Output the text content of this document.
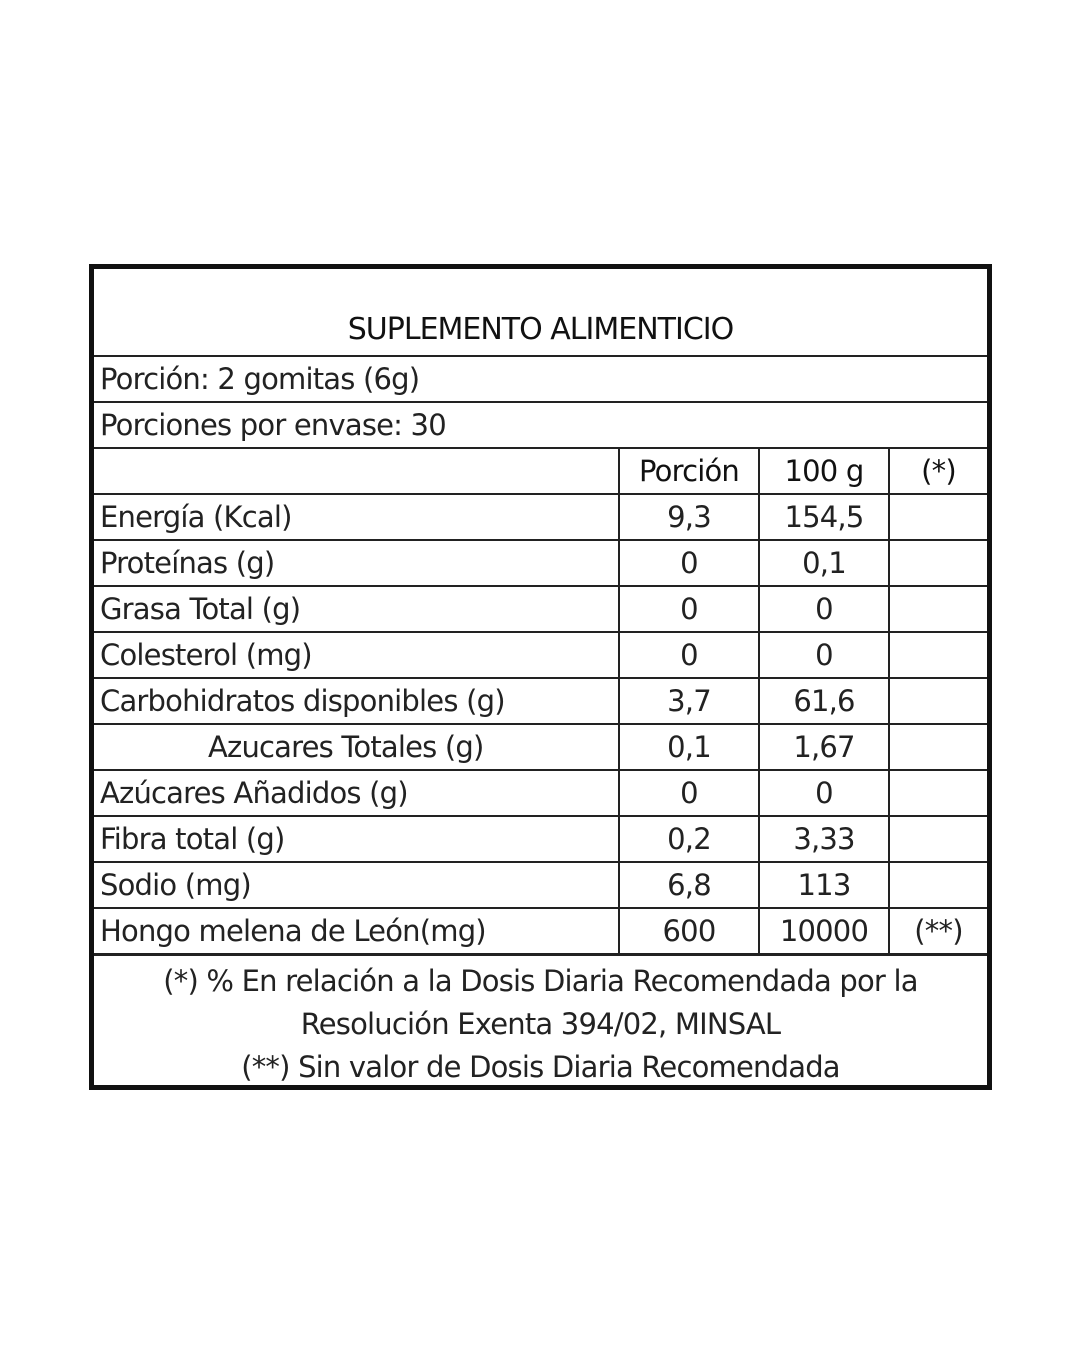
SUPLEMENTO ALIMENTICIO
Porción: 2 gomitas (6g)
Porciones por envase: 30
	Porción	100 g	(*)
Energía (Kcal)	9,3	154,5	
Proteínas (g)	0	0,1	
Grasa Total (g)	0	0	
Colesterol (mg)	0	0	
Carbohidratos disponibles (g)	3,7	61,6	
Azucares Totales (g)	0,1	1,67	
Azúcares Añadidos (g)	0	0	
Fibra total (g)	0,2	3,33	
Sodio (mg)	6,8	113	
Hongo melena de León(mg)	600	10000	(**)
(*) % En relación a la Dosis Diaria Recomendada por la
Resolución Exenta 394/02, MINSAL
(**) Sin valor de Dosis Diaria Recomendada
